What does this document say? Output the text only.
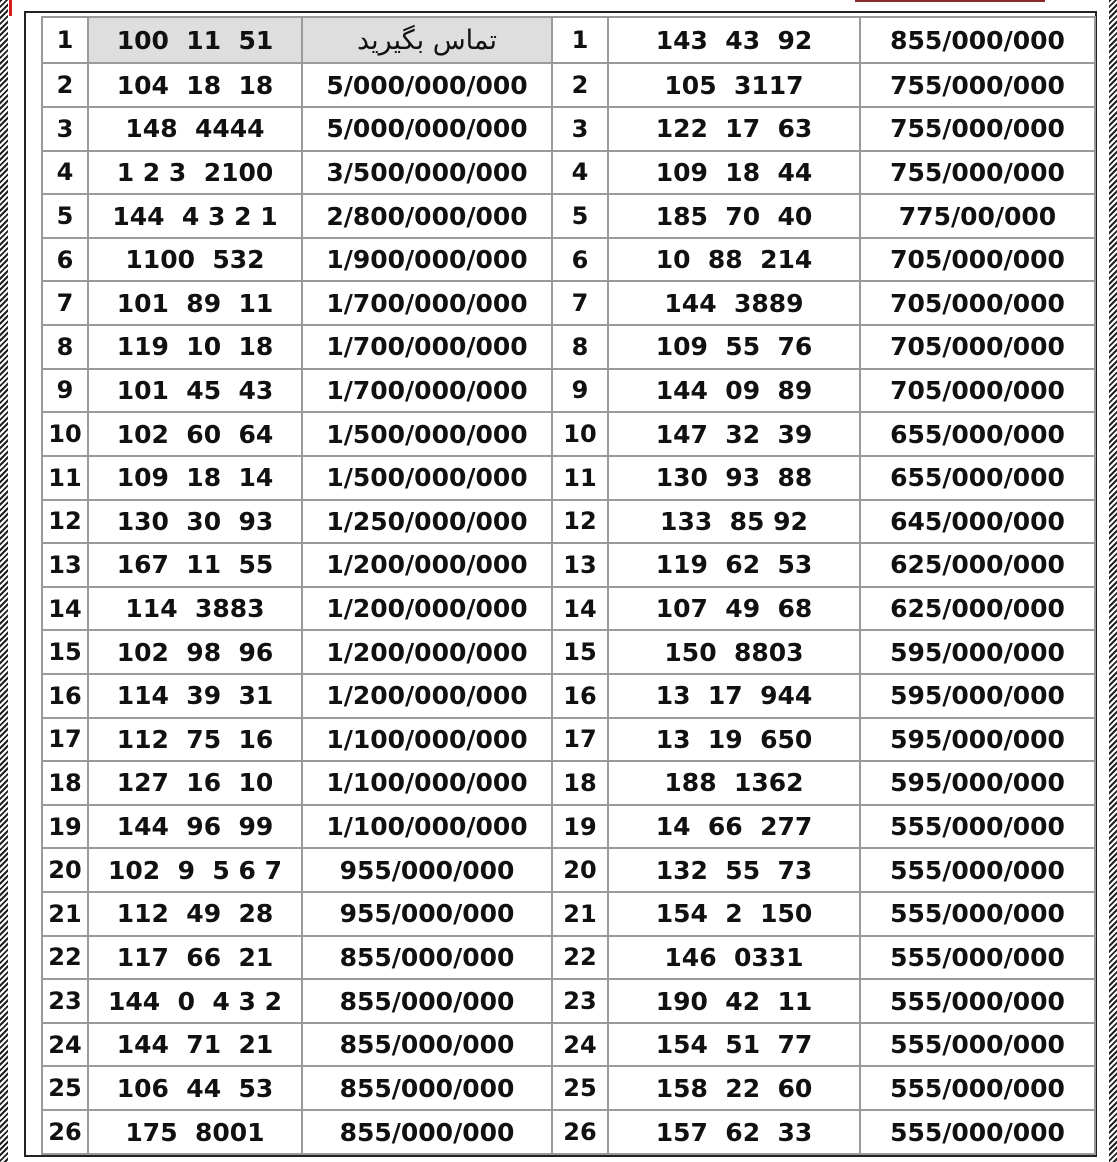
1	100  11  51	تماس بگیرید	1	143  43  92	855/000/000
2	104  18  18	5/000/000/000	2	105  3117	755/000/000
3	148  4444	5/000/000/000	3	122  17  63	755/000/000
4	1 2 3  2100	3/500/000/000	4	109  18  44	755/000/000
5	144  4 3 2 1	2/800/000/000	5	185  70  40	775/00/000
6	1100  532	1/900/000/000	6	10  88  214	705/000/000
7	101  89  11	1/700/000/000	7	144  3889	705/000/000
8	119  10  18	1/700/000/000	8	109  55  76	705/000/000
9	101  45  43	1/700/000/000	9	144  09  89	705/000/000
10	102  60  64	1/500/000/000	10	147  32  39	655/000/000
11	109  18  14	1/500/000/000	11	130  93  88	655/000/000
12	130  30  93	1/250/000/000	12	133  85 92	645/000/000
13	167  11  55	1/200/000/000	13	119  62  53	625/000/000
14	114  3883	1/200/000/000	14	107  49  68	625/000/000
15	102  98  96	1/200/000/000	15	150  8803	595/000/000
16	114  39  31	1/200/000/000	16	13  17  944	595/000/000
17	112  75  16	1/100/000/000	17	13  19  650	595/000/000
18	127  16  10	1/100/000/000	18	188  1362	595/000/000
19	144  96  99	1/100/000/000	19	14  66  277	555/000/000
20	102  9  5 6 7	955/000/000	20	132  55  73	555/000/000
21	112  49  28	955/000/000	21	154  2  150	555/000/000
22	117  66  21	855/000/000	22	146  0331	555/000/000
23	144  0  4 3 2	855/000/000	23	190  42  11	555/000/000
24	144  71  21	855/000/000	24	154  51  77	555/000/000
25	106  44  53	855/000/000	25	158  22  60	555/000/000
26	175  8001	855/000/000	26	157  62  33	555/000/000
